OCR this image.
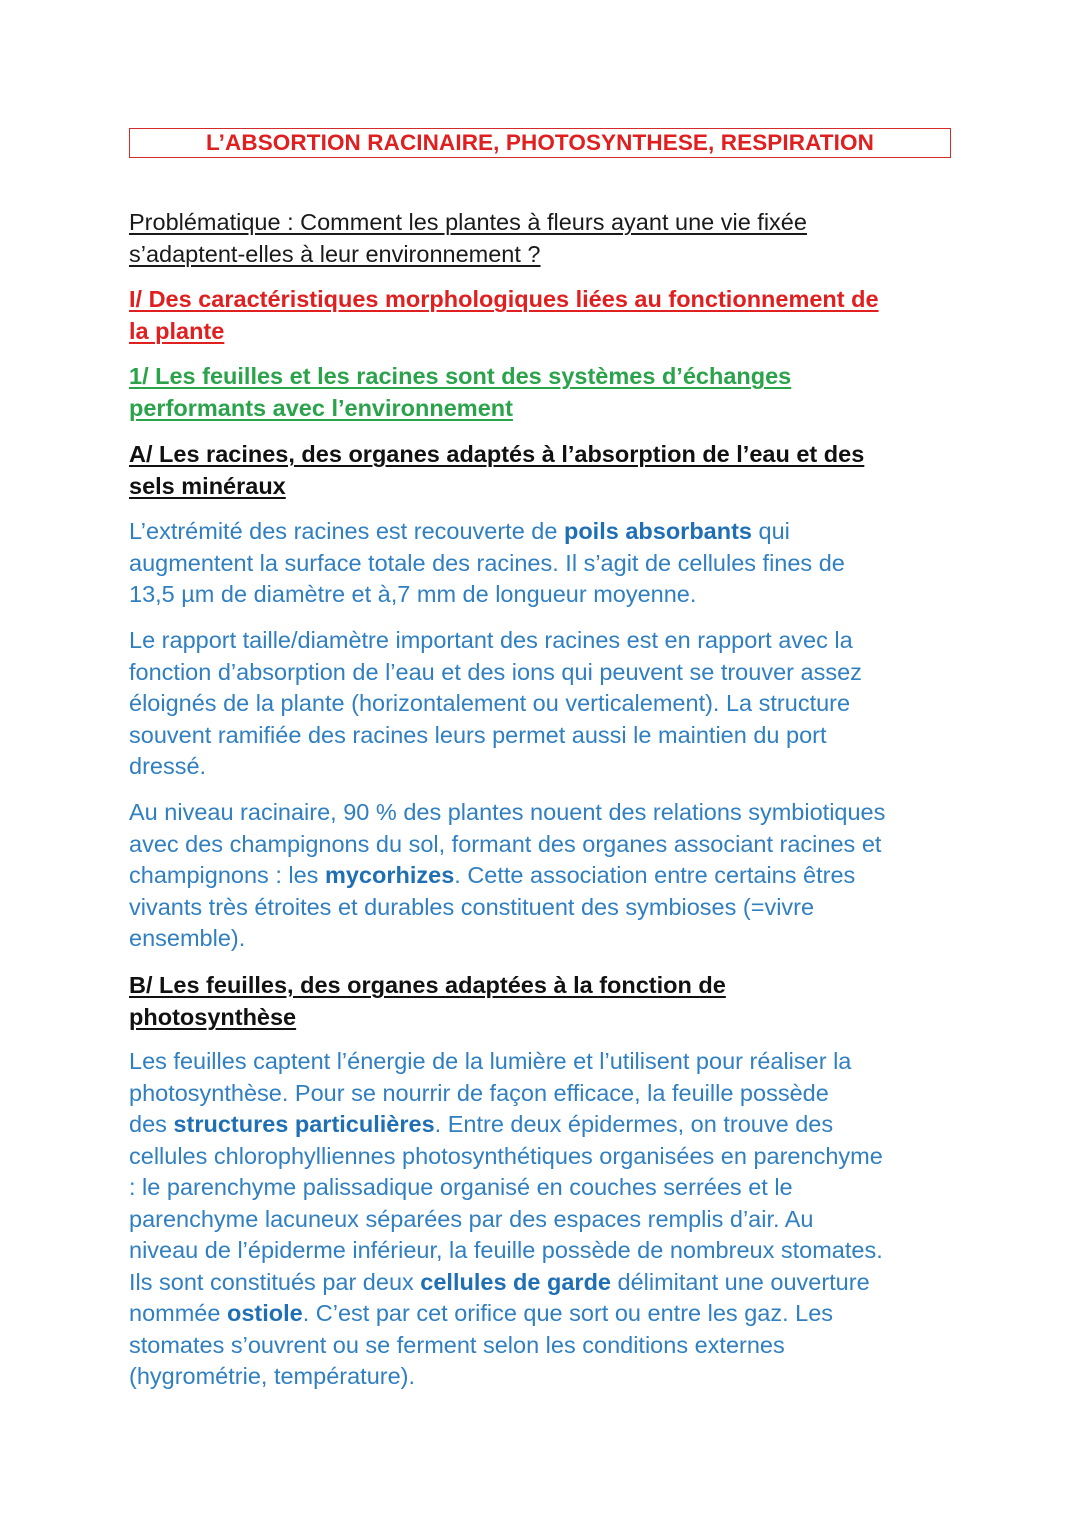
L’ABSORTION RACINAIRE, PHOTOSYNTHESE, RESPIRATION
Problématique : Comment les plantes à fleurs ayant une vie fixée
s’adaptent-elles à leur environnement ?
I/ Des caractéristiques morphologiques liées au fonctionnement de
la plante
1/ Les feuilles et les racines sont des systèmes d’échanges
performants avec l’environnement
A/ Les racines, des organes adaptés à l’absorption de l’eau et des
sels minéraux
L’extrémité des racines est recouverte de poils absorbants qui
augmentent la surface totale des racines. Il s’agit de cellules fines de
13,5 µm de diamètre et à,7 mm de longueur moyenne.
Le rapport taille/diamètre important des racines est en rapport avec la
fonction d’absorption de l’eau et des ions qui peuvent se trouver assez
éloignés de la plante (horizontalement ou verticalement). La structure
souvent ramifiée des racines leurs permet aussi le maintien du port
dressé.
Au niveau racinaire, 90 % des plantes nouent des relations symbiotiques
avec des champignons du sol, formant des organes associant racines et
champignons : les mycorhizes. Cette association entre certains êtres
vivants très étroites et durables constituent des symbioses (=vivre
ensemble).
B/ Les feuilles, des organes adaptées à la fonction de
photosynthèse
Les feuilles captent l’énergie de la lumière et l’utilisent pour réaliser la
photosynthèse. Pour se nourrir de façon efficace, la feuille possède
des structures particulières. Entre deux épidermes, on trouve des
cellules chlorophylliennes photosynthétiques organisées en parenchyme
: le parenchyme palissadique organisé en couches serrées et le
parenchyme lacuneux séparées par des espaces remplis d’air. Au
niveau de l’épiderme inférieur, la feuille possède de nombreux stomates.
Ils sont constitués par deux cellules de garde délimitant une ouverture
nommée ostiole. C’est par cet orifice que sort ou entre les gaz. Les
stomates s’ouvrent ou se ferment selon les conditions externes
(hygrométrie, température).
